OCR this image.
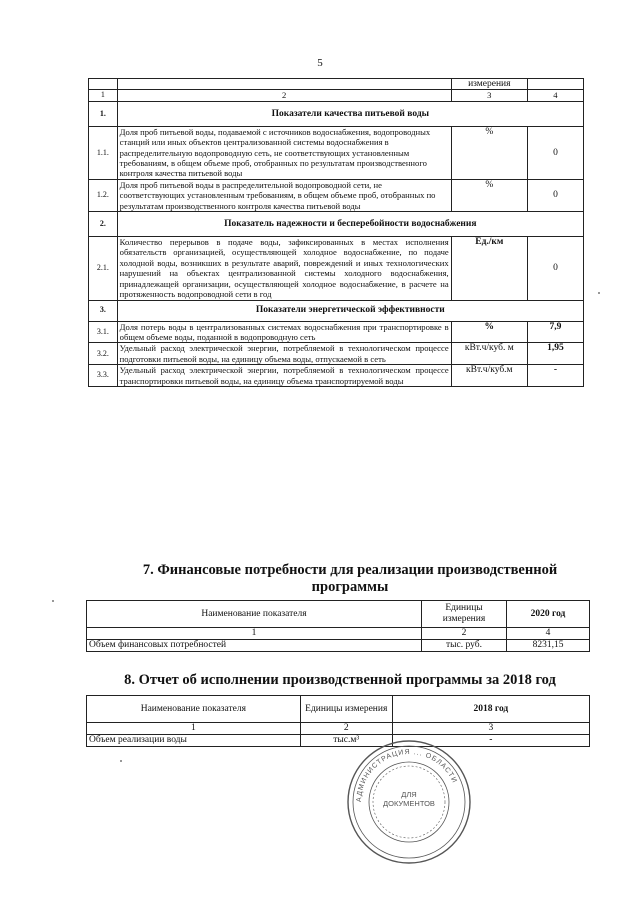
5
		измерения	
1	2	3	4
1.	Показатели качества питьевой воды		
1.1.	Доля проб питьевой воды, подаваемой с источников водоснабжения, водопроводных станций или иных объектов централизованной системы водоснабжения в распределительную водопроводную сеть, не соответствующих установленным требованиям, в общем объеме проб, отобранных по результатам производственного контроля качества питьевой воды	%	0
1.2.	Доля проб питьевой воды в распределительной водопроводной сети, не соответствующих установленным требованиям, в общем объеме проб, отобранных по результатам производственного контроля качества питьевой воды	%	0
2.	Показатель надежности и бесперебойности водоснабжения		
2.1.	Количество перерывов в подаче воды, зафиксированных в местах исполнения обязательств организацией, осуществляющей холодное водоснабжение, по подаче холодной воды, возникших в результате аварий, повреждений и иных технологических нарушений на объектах централизованной системы холодного водоснабжения, принадлежащей организации, осуществляющей холодное водоснабжение, в расчете на протяженность водопроводной сети в год	Ед./км	0
3.	Показатели энергетической эффективности		
3.1.	Доля потерь воды в централизованных системах водоснабжения при транспортировке в общем объеме воды, поданной в водопроводную сеть	%	7,9
3.2.	Удельный расход электрической энергии, потребляемой в технологическом процессе подготовки питьевой воды, на единицу объема воды, отпускаемой в сеть	кВт.ч/куб. м	1,95
3.3.	Удельный расход электрической энергии, потребляемой в технологическом процессе транспортировки питьевой воды, на единицу объема транспортируемой воды	кВт.ч/куб.м	-
7. Финансовые потребности для реализации производственной программы
Наименование показателя	Единицы измерения	2020 год
1	2	4
Объем финансовых потребностей	тыс. руб.	8231,15
8. Отчет об исполнении производственной программы за 2018 год
Наименование показателя	Единицы измерения	2018 год
1	2	3
Объем реализации воды	тыс.м³	-
АДМИНИСТРАЦИЯ ... ОБЛАСТИ
ДЛЯ ДОКУМЕНТОВ
